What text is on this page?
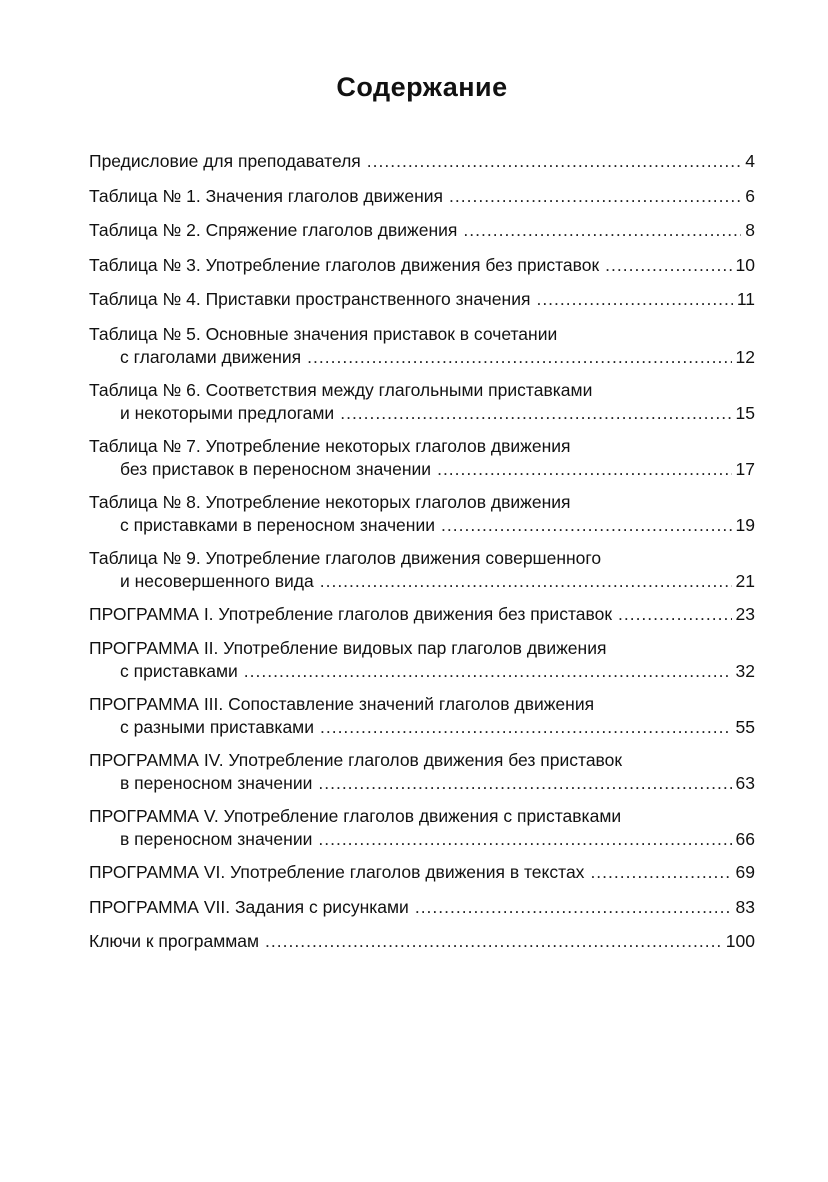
Содержание
Предисловие для преподавателя .....	4
Таблица № 1. Значения глаголов движения .....	6
Таблица № 2. Спряжение глаголов движения .....	8
Таблица № 3. Употребление глаголов движения без приставок .....	10
Таблица № 4. Приставки пространственного значения .....	11
Таблица № 5. Основные значения приставок в сочетании
с глаголами движения .....	12
Таблица № 6. Соответствия между глагольными приставками
и некоторыми предлогами .....	15
Таблица № 7. Употребление некоторых глаголов движения
без приставок в переносном значении .....	17
Таблица № 8. Употребление некоторых глаголов движения
с приставками в переносном значении .....	19
Таблица № 9. Употребление глаголов движения совершенного
и несовершенного вида .....	21
ПРОГРАММА I. Употребление глаголов движения без приставок .....	23
ПРОГРАММА II. Употребление видовых пар глаголов движения
с приставками .....	32
ПРОГРАММА III. Сопоставление значений глаголов движения
с разными приставками .....	55
ПРОГРАММА IV. Употребление глаголов движения без приставок
в переносном значении .....	63
ПРОГРАММА V. Употребление глаголов движения с приставками
в переносном значении .....	66
ПРОГРАММА VI. Употребление глаголов движения в текстах .....	69
ПРОГРАММА VII. Задания с рисунками .....	83
Ключи к программам .....	100
